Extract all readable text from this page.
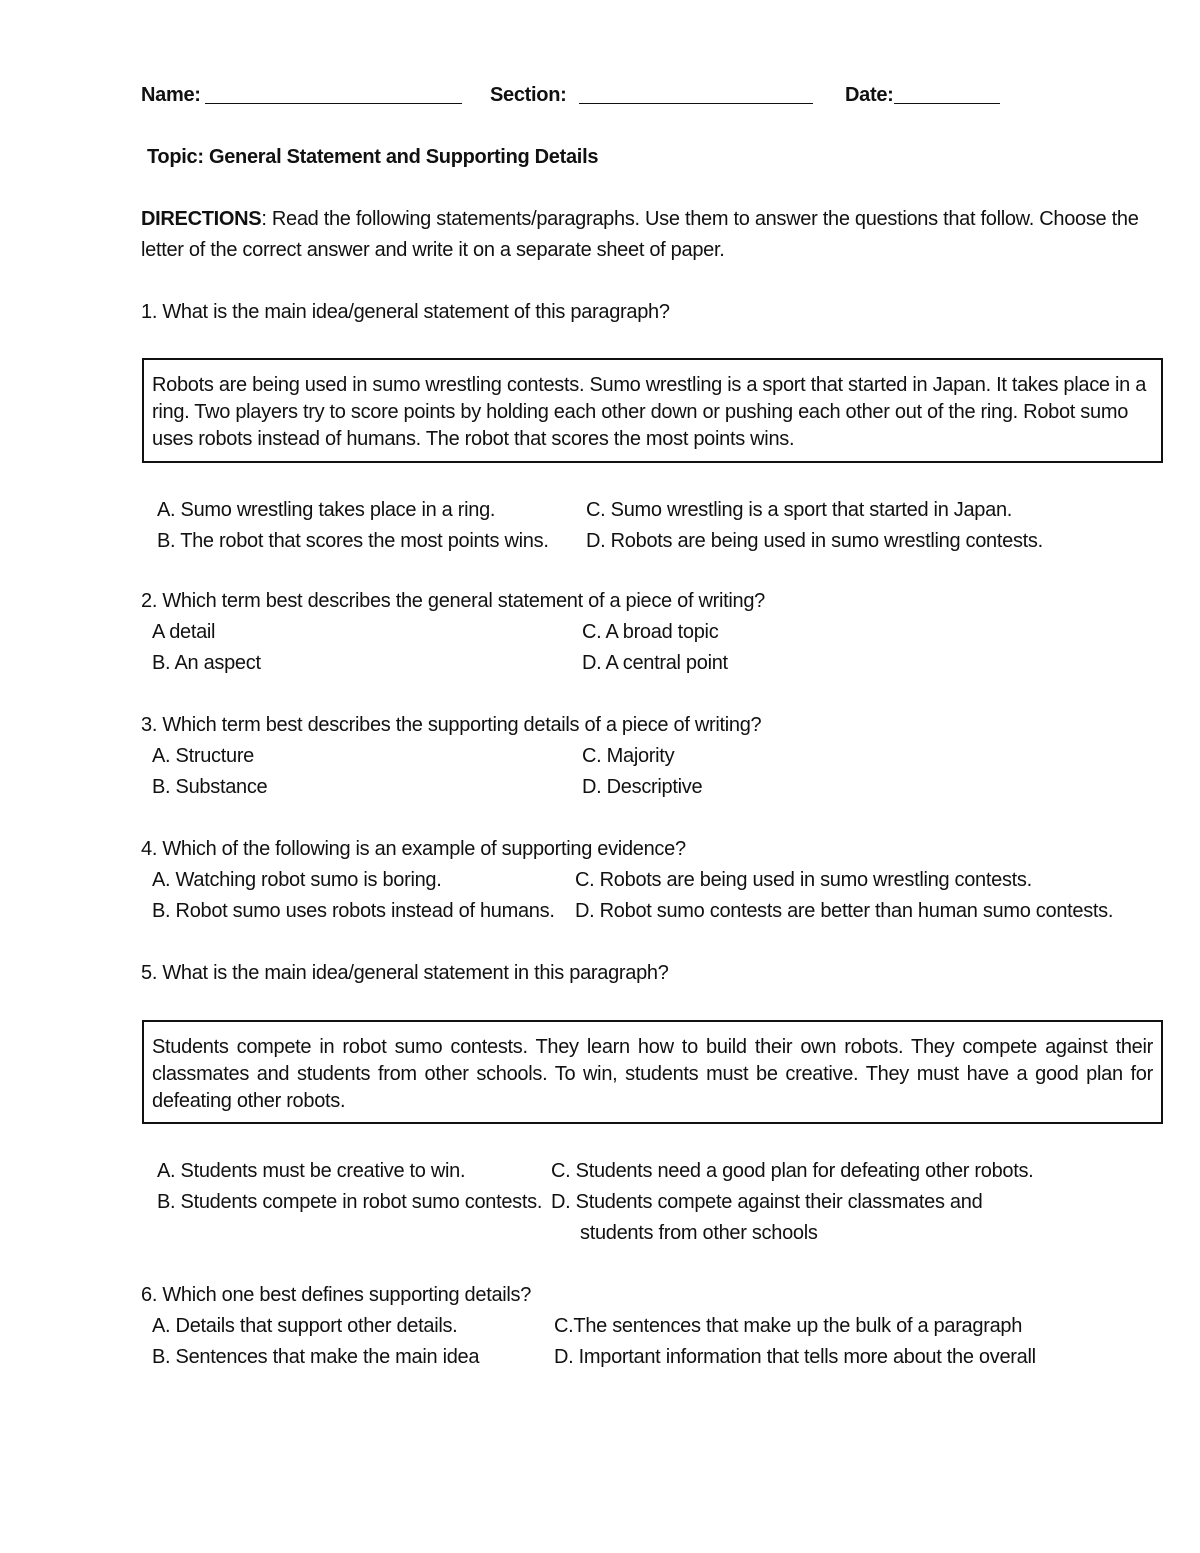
Name:	Section:	Date:
Topic: General Statement and Supporting Details
DIRECTIONS: Read the following statements/paragraphs. Use them to answer the questions that follow. Choose the
letter of the correct answer and write it on a separate sheet of paper.
1. What is the main idea/general statement of this paragraph?

Robots are being used in sumo wrestling contests. Sumo wrestling is a sport that started in Japan. It takes place in a ring. Two players try to score points by holding each other down or pushing each other out of the ring. Robot sumo uses robots instead of humans. The robot that scores the most points wins.

A. Sumo wrestling takes place in a ring.
B. The robot that scores the most points wins.
C. Sumo wrestling is a sport that started in Japan.
D. Robots are being used in sumo wrestling contests.
2. Which term best describes the general statement of a piece of writing?
A detail
B. An aspect
C. A broad topic
D. A central point
3. Which term best describes the supporting details of a piece of writing?
A. Structure
B. Substance
C. Majority
D. Descriptive
4. Which of the following is an example of supporting evidence?
A. Watching robot sumo is boring.
B. Robot sumo uses robots instead of humans.
C. Robots are being used in sumo wrestling contests.
D. Robot sumo contests are better than human sumo contests.
5. What is the main idea/general statement in this paragraph?

Students compete in robot sumo contests. They learn how to build their own robots. They compete against their classmates and students from other schools. To win, students must be creative. They must have a good plan for defeating other robots.

A. Students must be creative to win.
B. Students compete in robot sumo contests.
C. Students need a good plan for defeating other robots.
D. Students compete against their classmates and
students from other schools
6. Which one best defines supporting details?
A. Details that support other details.
B. Sentences that make the main idea
C.The sentences that make up the bulk of a paragraph
D. Important information that tells more about the overall
